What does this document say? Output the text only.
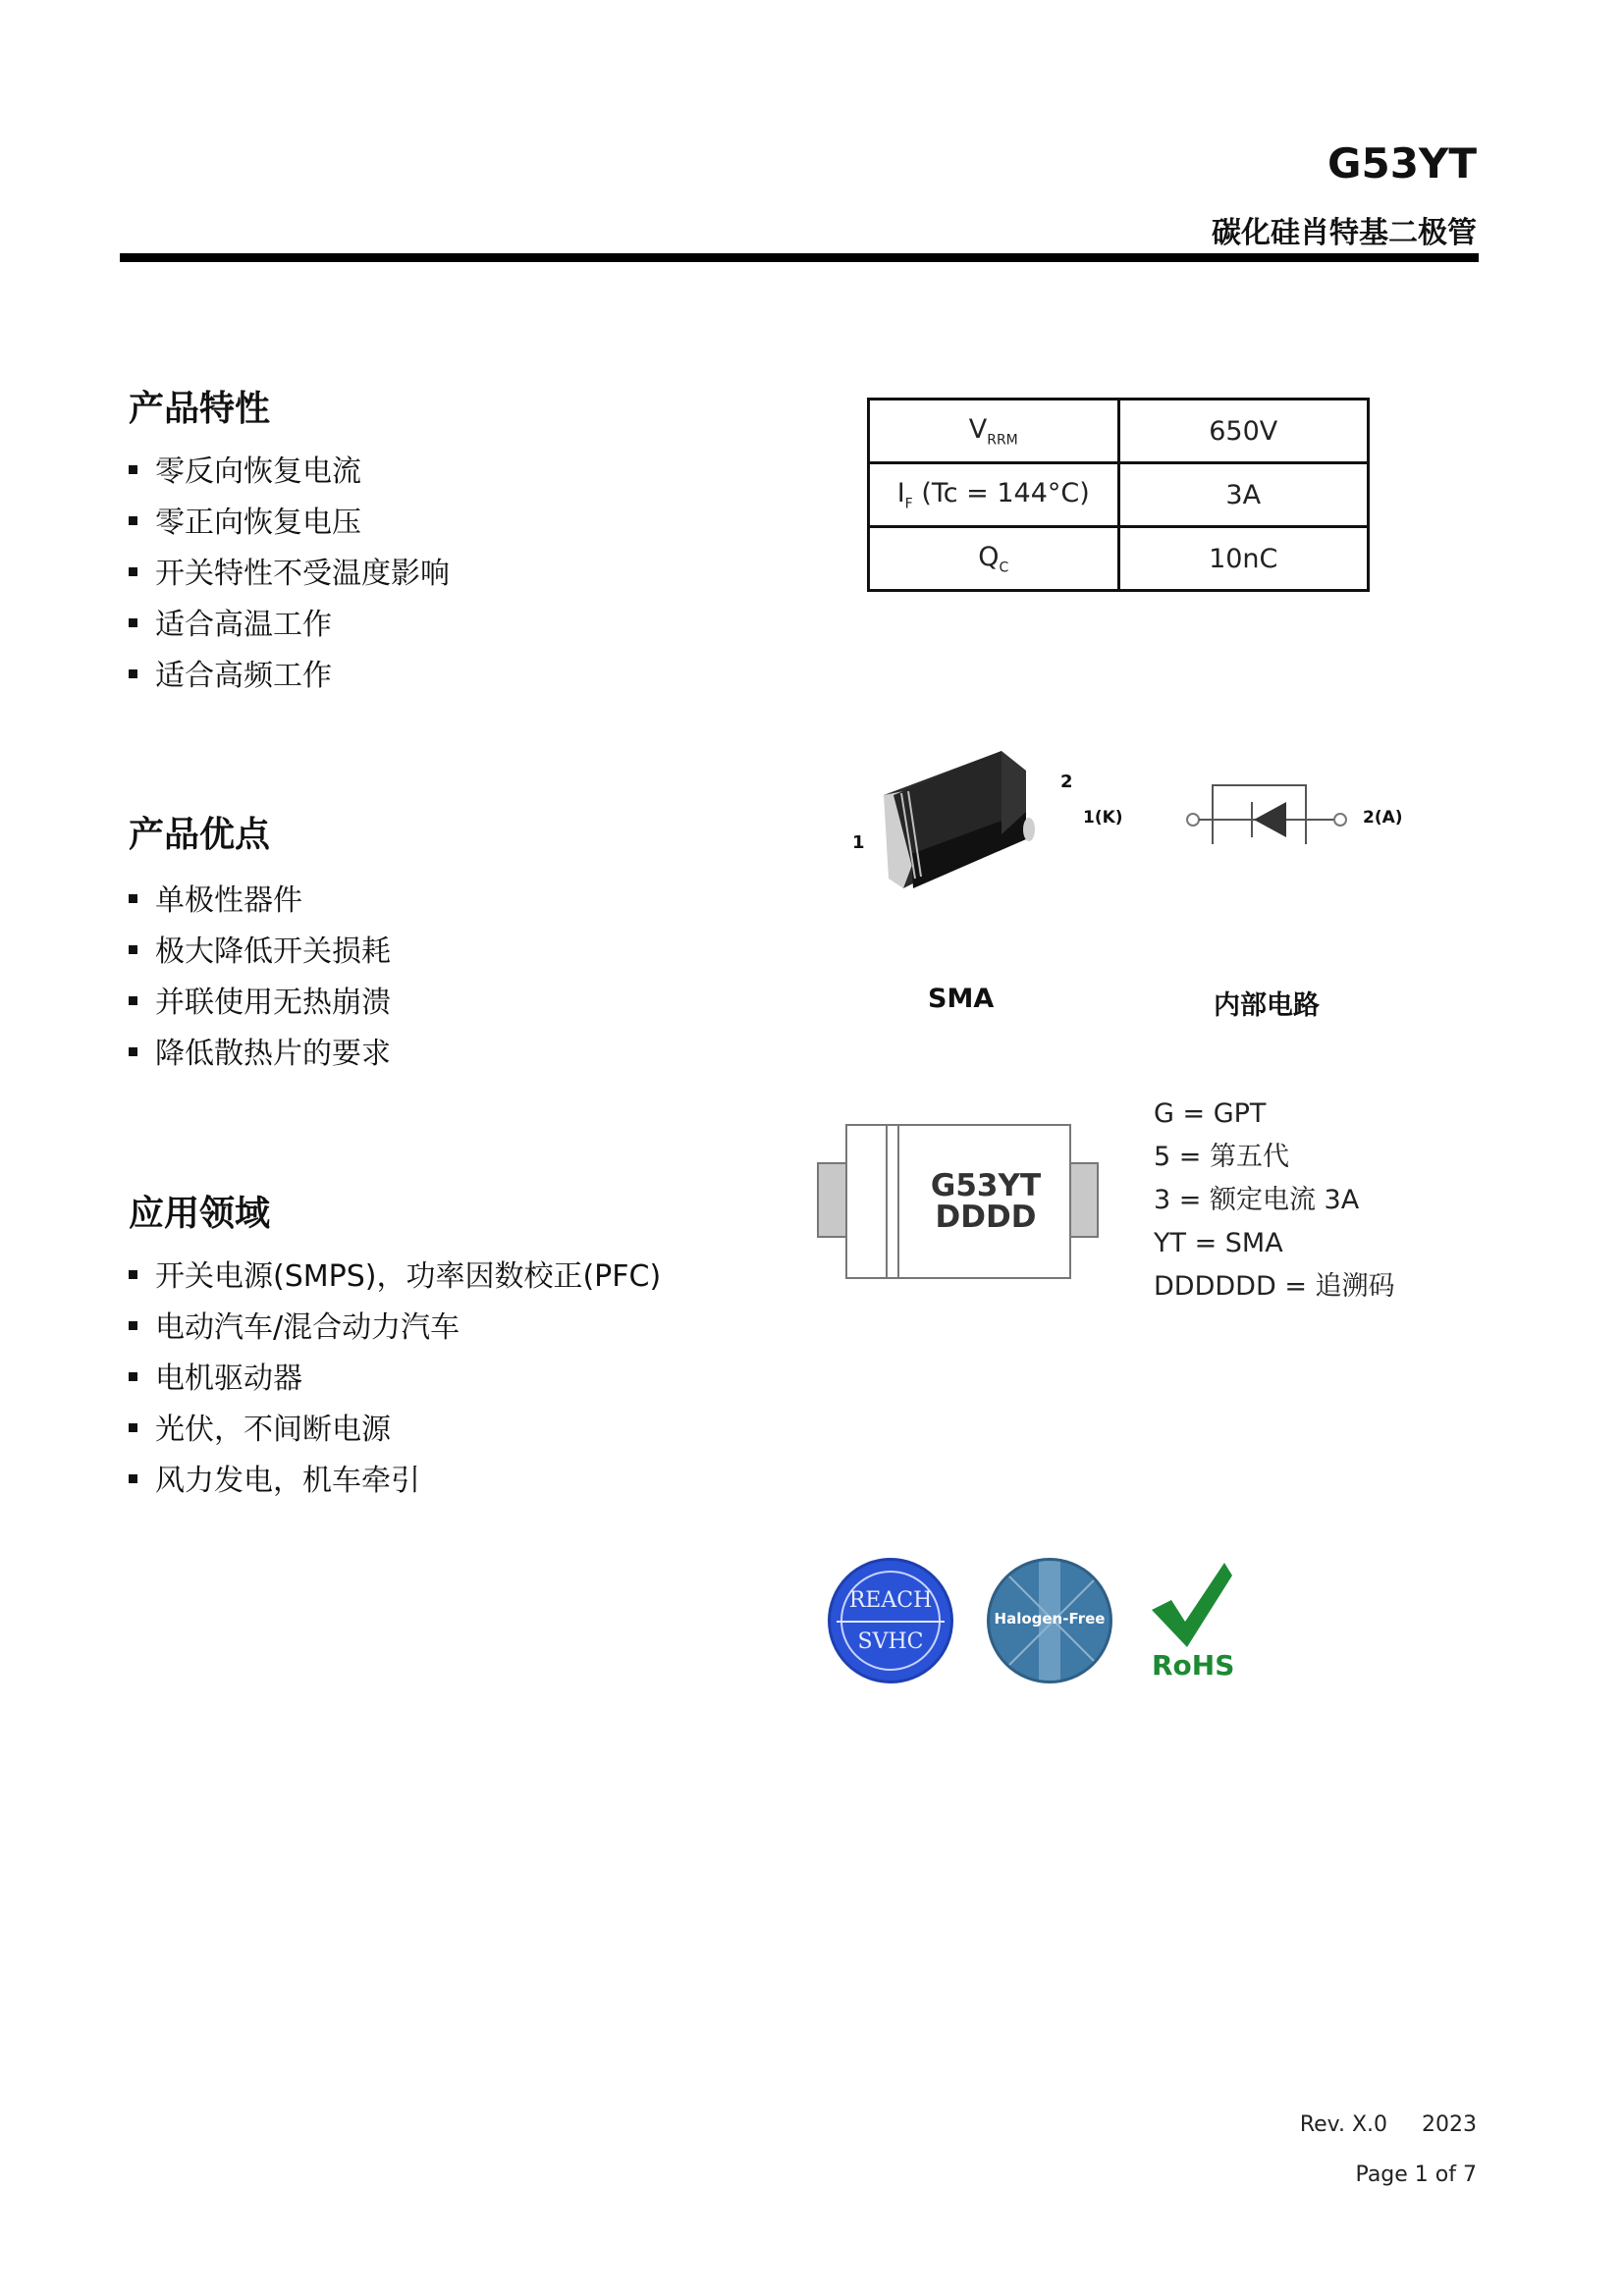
G53YT
碳化硅肖特基二极管
产品特性
零反向恢复电流
零正向恢复电压
开关特性不受温度影响
适合高温工作
适合高频工作
产品优点
单极性器件
极大降低开关损耗
并联使用无热崩溃
降低散热片的要求
应用领域
开关电源(SMPS)，功率因数校正(PFC)
电动汽车/混合动力汽车
电机驱动器
光伏，不间断电源
风力发电，机车牵引
$V_{RRM}$	650V
$I_F$ (Tc = 144°C)	3A
$Q_C$	10nC
1
2
SMA
1(K)	2(A)
内部电路
G53YT
DDDD
G = GPT
5 = 第五代
3 = 额定电流 3A
YT = SMA
DDDDDD = 追溯码
REACH
SVHC
Halogen-Free
RoHS
Rev. X.0     2023
Page 1 of 7
